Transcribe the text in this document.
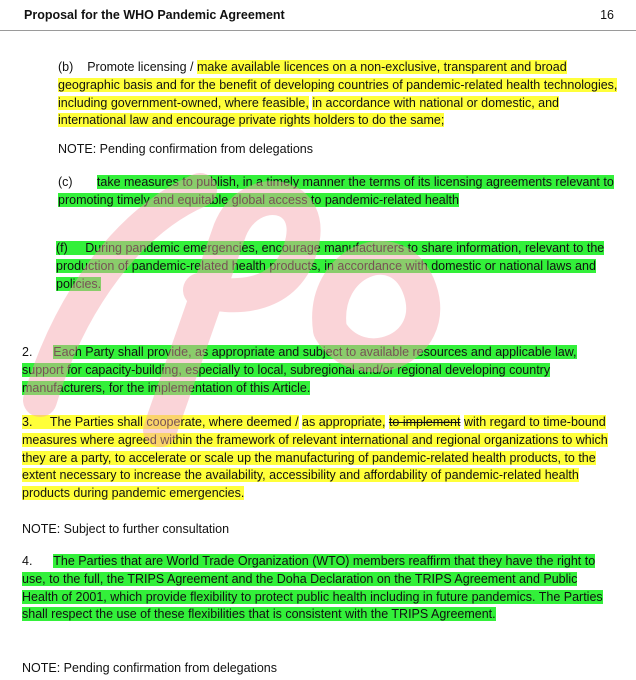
Proposal for the WHO Pandemic Agreement	16

(b) Promote licensing / make available licences on a non-exclusive, transparent and broad geographic basis and for the benefit of developing countries of pandemic-related health technologies, including government-owned, where feasible, in accordance with national or domestic, and international law and encourage private rights holders to do the same;

NOTE: Pending confirmation from delegations

(c) take measures to publish, in a timely manner the terms of its licensing agreements relevant to promoting timely and equitable global access to pandemic-related health

(f) During pandemic emergencies, encourage manufacturers to share information, relevant to the production of pandemic-related health products, in accordance with domestic or national laws and policies.

2. Each Party shall provide, as appropriate and subject to available resources and applicable law, support for capacity-building, especially to local, subregional and/or regional developing country manufacturers, for the implementation of this Article.

3. The Parties shall cooperate, where deemed / as appropriate, to implement with regard to time-bound measures where agreed within the framework of relevant international and regional organizations to which they are a party, to accelerate or scale up the manufacturing of pandemic-related health products, to the extent necessary to increase the availability, accessibility and affordability of pandemic-related health products during pandemic emergencies.

NOTE: Subject to further consultation

4. The Parties that are World Trade Organization (WTO) members reaffirm that they have the right to use, to the full, the TRIPS Agreement and the Doha Declaration on the TRIPS Agreement and Public Health of 2001, which provide flexibility to protect public health including in future pandemics. The Parties shall respect the use of these flexibilities that is consistent with the TRIPS Agreement.

NOTE: Pending confirmation from delegations
